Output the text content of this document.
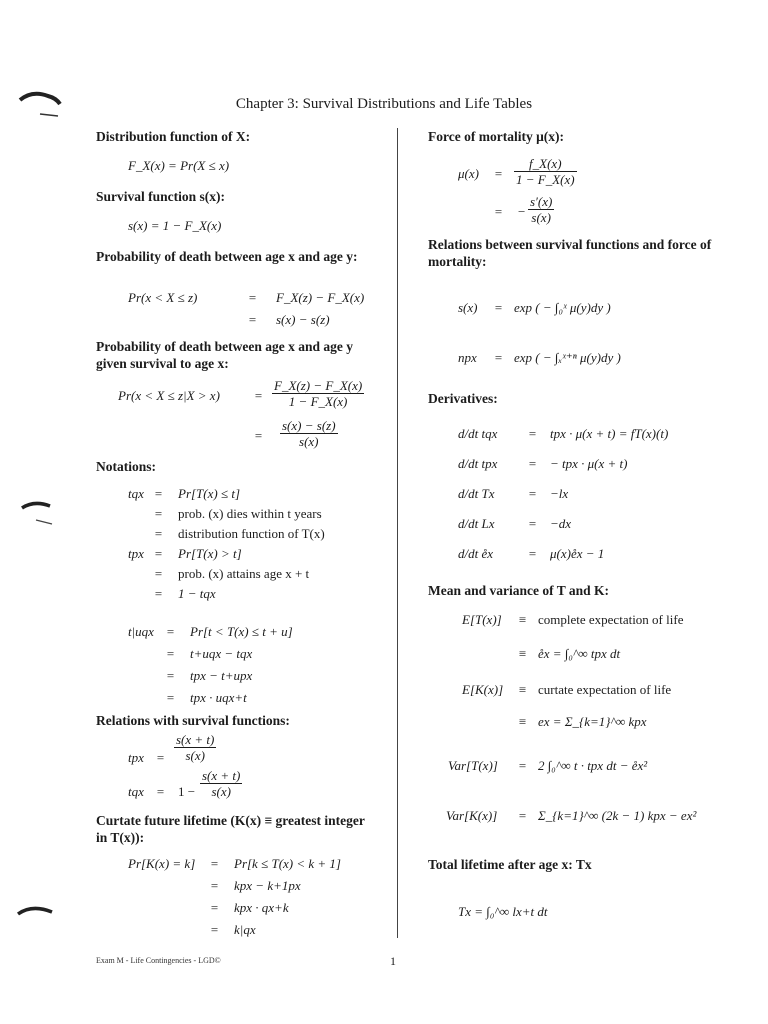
Chapter 3: Survival Distributions and Life Tables

Distribution function of X:

F_X(x) = Pr(X ≤ x)

Survival function s(x):

s(x) = 1 − F_X(x)

Probability of death between age x and age y:

Pr(x < X ≤ z)	= F_X(z) − F_X(x)
= s(x) − s(z)

Probability of death between age x and age y given survival to age x:

Pr(x < X ≤ z|X > x)	= $\frac{F\_X(z) - F\_X(x)}{1 - F\_X(x)}$
= $\frac{s(x) - s(z)}{s(x)}$

Notations:

tqx = Pr[T(x) ≤ t]
= prob. (x) dies within t years
= distribution function of T(x)
tpx = Pr[T(x) > t]
= prob. (x) attains age x + t
= 1 − tqx
t|uqx = Pr[t < T(x) ≤ t + u]
= t+uqx − tqx
= tpx − t+upx
= tpx · uqx+t

Relations with survival functions:

tpx = $\frac{s(x + t)}{s(x)}$
tqx = $1 - \frac{s(x + t)}{s(x)}$

Curtate future lifetime (K(x) ≡ greatest integer in T(x)):

Pr[K(x) = k] = Pr[k ≤ T(x) < k + 1]
= kpx − k+1px
= kpx · qx+k
= k|qx

Force of mortality μ(x):

$\mu(x) = \frac{f\_X(x)}{1 - F\_X(x)}$
= − $\frac{s'(x)}{s(x)}$

Relations between survival functions and force of mortality:

s(x) = exp ( − ∫₀ˣ μ(y)dy )
npx = exp ( − ∫ₓˣ⁺ⁿ μ(y)dy )

Derivatives:

d/dt tqx = tpx · μ(x + t) = fT(x)(t)
d/dt tpx = − tpx · μ(x + t)
d/dt Tx	= −lx
d/dt Lx	= −dx
d/dt e̊x	= μ(x)e̊x − 1

Mean and variance of T and K:

E[T(x)] ≡ complete expectation of life
≡ e̊x = ∫₀^∞ tpx dt
E[K(x)] ≡ curtate expectation of life
≡ ex = Σ_{k=1}^∞ kpx
Var[T(x)] = 2 ∫₀^∞ t · tpx dt − e̊x²
Var[K(x)] = Σ_{k=1}^∞ (2k − 1) kpx − ex²

Total lifetime after age x: Tx

Tx = ∫₀^∞ lx+t dt
Exam M - Life Contingencies - LGD©	1
